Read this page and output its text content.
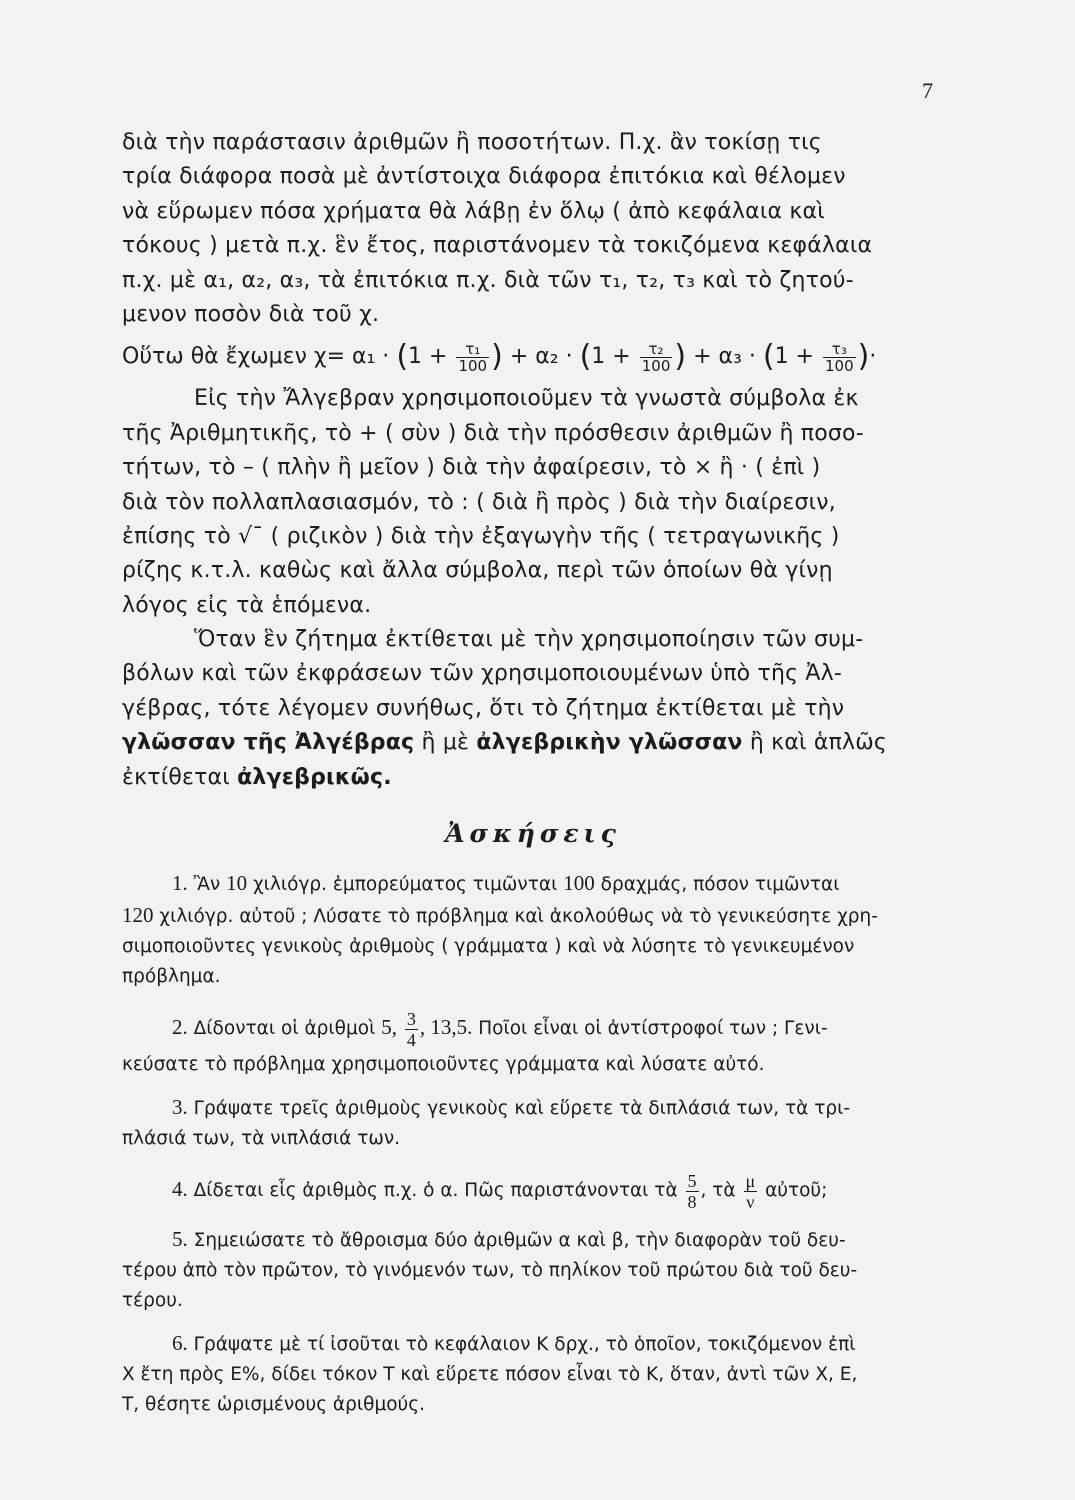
7

διὰ τὴν παράστασιν ἀριθμῶν ἢ ποσοτήτων. Π.χ. ἂν τοκίσῃ τις

τρία διάφορα ποσὰ μὲ ἀντίστοιχα διάφορα ἐπιτόκια καὶ θέλομεν

νὰ εὕρωμεν πόσα χρήματα θὰ λάβῃ ἐν ὅλῳ ( ἀπὸ κεφάλαια καὶ

τόκους ) μετὰ π.χ. ἓν ἔτος, παριστάνομεν τὰ τοκιζόμενα κεφάλαια

π.χ. μὲ α₁, α₂, α₃, τὰ ἐπιτόκια π.χ. διὰ τῶν τ₁, τ₂, τ₃ καὶ τὸ ζητού-

μενον ποσὸν διὰ τοῦ χ.

Οὕτω θὰ ἔχωμεν $\chi= \alpha_1 \cdot (1 + \frac{\text{τ₁}}{100}$ ) + $\alpha_2 \cdot (1 + \frac{\text{τ₂}}{100}$ ) + $\alpha_3 \cdot (1 + \frac{\text{τ₃}}{100}$ )·

Εἰς τὴν Ἄλγεβραν χρησιμοποιοῦμεν τὰ γνωστὰ σύμβολα ἐκ

τῆς Ἀριθμητικῆς, τὸ + ( σὺν ) διὰ τὴν πρόσθεσιν ἀριθμῶν ἢ ποσο-

τήτων, τὸ – ( πλὴν ἢ μεῖον ) διὰ τὴν ἀφαίρεσιν, τὸ × ἢ · ( ἐπὶ )

διὰ τὸν πολλαπλασιασμόν, τὸ : ( διὰ ἢ πρὸς ) διὰ τὴν διαίρεσιν,

ἐπίσης τὸ √¯ ( ριζικὸν ) διὰ τὴν ἐξαγωγὴν τῆς ( τετραγωνικῆς )

ρίζης κ.τ.λ. καθὼς καὶ ἄλλα σύμβολα, περὶ τῶν ὁποίων θὰ γίνῃ

λόγος εἰς τὰ ἑπόμενα.

Ὅταν ἓν ζήτημα ἐκτίθεται μὲ τὴν χρησιμοποίησιν τῶν συμ-

βόλων καὶ τῶν ἐκφράσεων τῶν χρησιμοποιουμένων ὑπὸ τῆς Ἀλ-

γέβρας, τότε λέγομεν συνήθως, ὅτι τὸ ζήτημα ἐκτίθεται μὲ τὴν

γλῶσσαν τῆς Ἀλγέβρας ἢ μὲ ἀλγεβρικὴν γλῶσσαν ἢ καὶ ἁπλῶς

ἐκτίθεται ἀλγεβρικῶς.

Ἀσκήσεις

1. Ἂν 10 χιλιόγρ. ἐμπορεύματος τιμῶνται 100 δραχμάς, πόσον τιμῶνται

120 χιλιόγρ. αὐτοῦ ; Λύσατε τὸ πρόβλημα καὶ ἀκολούθως νὰ τὸ γενικεύσητε χρη-

σιμοποιοῦντες γενικοὺς ἀριθμοὺς ( γράμματα ) καὶ νὰ λύσητε τὸ γενικευμένον

πρόβλημα.

2. Δίδονται οἱ ἀριθμοὶ 5, $\frac{3}{4}$ , 13,5. Ποῖοι εἶναι οἱ ἀντίστροφοί των ; Γενι-

κεύσατε τὸ πρόβλημα χρησιμοποιοῦντες γράμματα καὶ λύσατε αὐτό.

3. Γράψατε τρεῖς ἀριθμοὺς γενικοὺς καὶ εὕρετε τὰ διπλάσιά των, τὰ τρι-

πλάσιά των, τὰ νιπλάσιά των.

4. Δίδεται εἷς ἀριθμὸς π.χ. ὁ α. Πῶς παριστάνονται τὰ $\frac{5}{8}$ , τὰ $\frac{\mu}{\nu}$ αὐτοῦ;

5. Σημειώσατε τὸ ἄθροισμα δύο ἀριθμῶν α καὶ β, τὴν διαφορὰν τοῦ δευ-

τέρου ἀπὸ τὸν πρῶτον, τὸ γινόμενόν των, τὸ πηλίκον τοῦ πρώτου διὰ τοῦ δευ-

τέρου.

6. Γράψατε μὲ τί ἰσοῦται τὸ κεφάλαιον Κ δρχ., τὸ ὁποῖον, τοκιζόμενον ἐπὶ

Χ ἔτη πρὸς Ε%, δίδει τόκον Τ καὶ εὕρετε πόσον εἶναι τὸ Κ, ὅταν, ἀντὶ τῶν Χ, Ε,

Τ, θέσητε ὡρισμένους ἀριθμούς.
